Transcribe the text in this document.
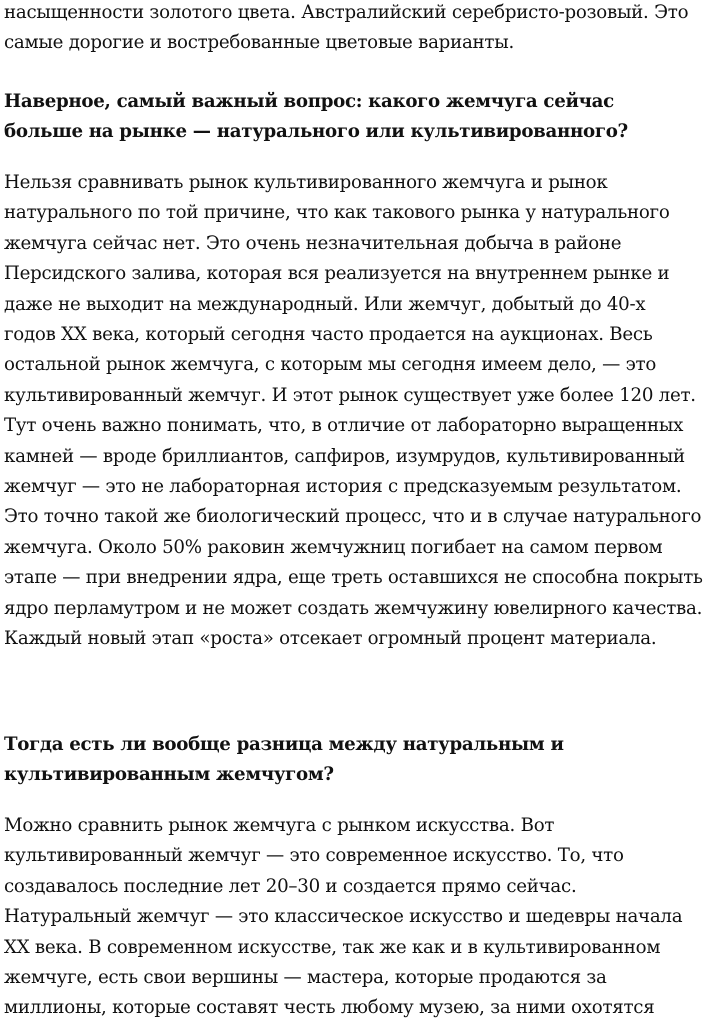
насыщенности золотого цвета. Австралийский серебристо-розовый. Это
самые дорогие и востребованные цветовые варианты.

Наверное, самый важный вопрос: какого жемчуга сейчас
больше на рынке — натурального или культивированного?

Нельзя сравнивать рынок культивированного жемчуга и рынок
натурального по той причине, что как такового рынка у натурального
жемчуга сейчас нет. Это очень незначительная добыча в районе
Персидского залива, которая вся реализуется на внутреннем рынке и
даже не выходит на международный. Или жемчуг, добытый до 40-х
годов XX века, который сегодня часто продается на аукционах. Весь
остальной рынок жемчуга, с которым мы сегодня имеем дело, — это
культивированный жемчуг. И этот рынок существует уже более 120 лет.
Тут очень важно понимать, что, в отличие от лабораторно выращенных
камней — вроде бриллиантов, сапфиров, изумрудов, культивированный
жемчуг — это не лабораторная история с предсказуемым результатом.
Это точно такой же биологический процесс, что и в случае натурального
жемчуга. Около 50% раковин жемчужниц погибает на самом первом
этапе — при внедрении ядра, еще треть оставшихся не способна покрыть
ядро перламутром и не может создать жемчужину ювелирного качества.
Каждый новый этап «роста» отсекает огромный процент материала.

Тогда есть ли вообще разница между натуральным и
культивированным жемчугом?

Можно сравнить рынок жемчуга с рынком искусства. Вот
культивированный жемчуг — это современное искусство. То, что
создавалось последние лет 20–30 и создается прямо сейчас.
Натуральный жемчуг — это классическое искусство и шедевры начала
XX века. В современном искусстве, так же как и в культивированном
жемчуге, есть свои вершины — мастера, которые продаются за
миллионы, которые составят честь любому музею, за ними охотятся
